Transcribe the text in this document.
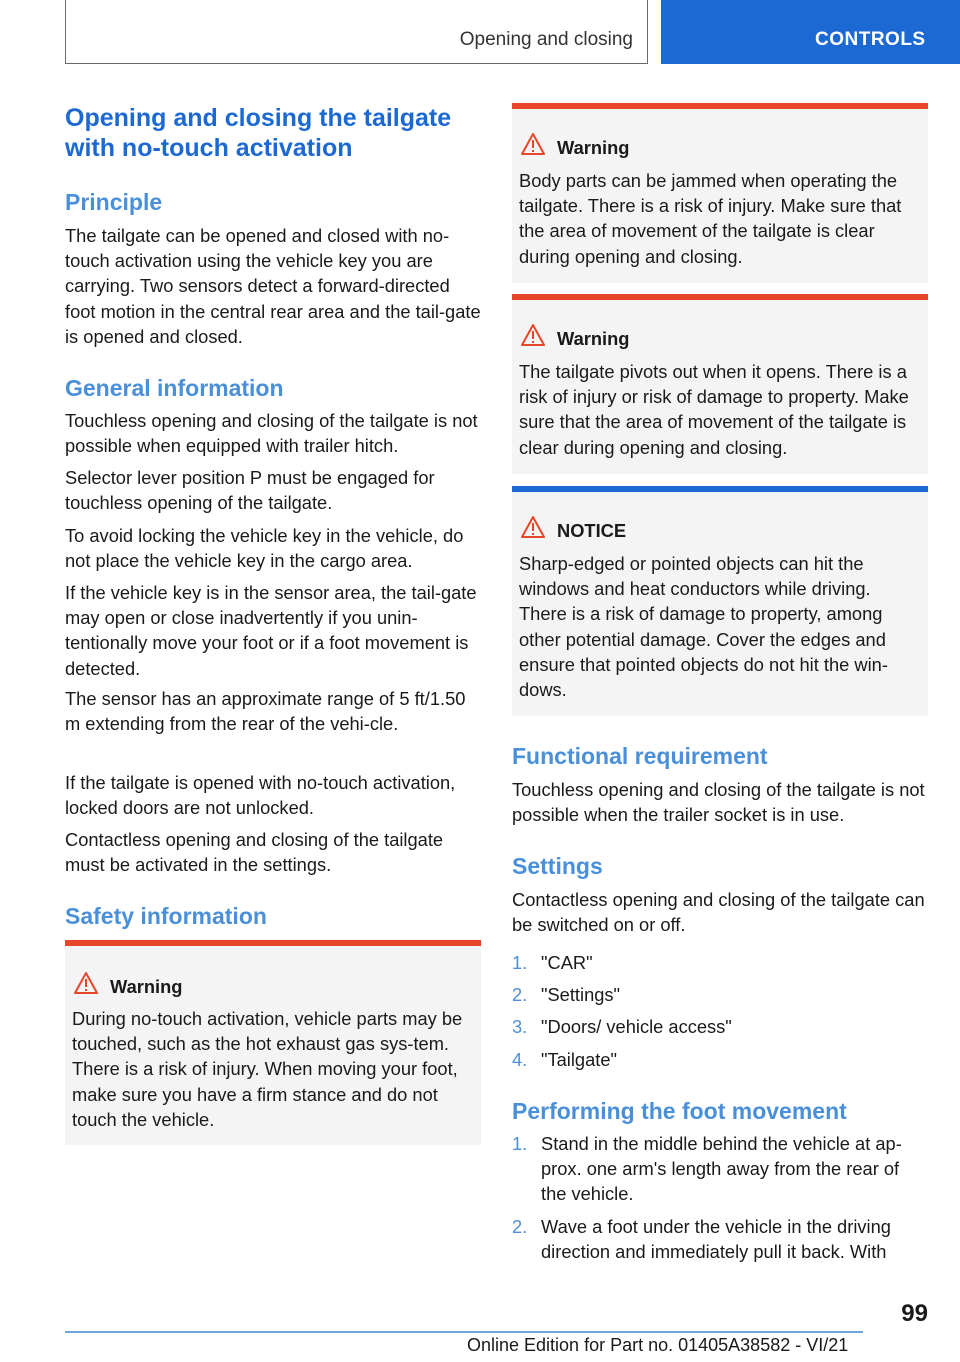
Opening and closing	CONTROLS
Opening and closing the tailgate with no-touch activation
Principle

The tailgate can be opened and closed with no-touch activation using the vehicle key you are carrying. Two sensors detect a forward-directed foot motion in the central rear area and the tail-gate is opened and closed.

General information

Touchless opening and closing of the tailgate is not possible when equipped with trailer hitch.

Selector lever position P must be engaged for touchless opening of the tailgate.

To avoid locking the vehicle key in the vehicle, do not place the vehicle key in the cargo area.

If the vehicle key is in the sensor area, the tail-gate may open or close inadvertently if you unin-tentionally move your foot or if a foot movement is detected.

The sensor has an approximate range of 5 ft/1.50 m extending from the rear of the vehi-cle.

If the tailgate is opened with no-touch activation, locked doors are not unlocked.

Contactless opening and closing of the tailgate must be activated in the settings.

Safety information
Warning
During no-touch activation, vehicle parts may be touched, such as the hot exhaust gas sys-tem. There is a risk of injury. When moving your foot, make sure you have a firm stance and do not touch the vehicle.
Warning
Body parts can be jammed when operating the tailgate. There is a risk of injury. Make sure that the area of movement of the tailgate is clear during opening and closing.
Warning
The tailgate pivots out when it opens. There is a risk of injury or risk of damage to property. Make sure that the area of movement of the tailgate is clear during opening and closing.
NOTICE
Sharp-edged or pointed objects can hit the windows and heat conductors while driving. There is a risk of damage to property, among other potential damage. Cover the edges and ensure that pointed objects do not hit the win-dows.
Functional requirement

Touchless opening and closing of the tailgate is not possible when the trailer socket is in use.

Settings

Contactless opening and closing of the tailgate can be switched on or off.

1. "CAR"
2. "Settings"
3. "Doors/ vehicle access"
4. "Tailgate"
Performing the foot movement
1. Stand in the middle behind the vehicle at ap-prox. one arm's length away from the rear of the vehicle.
2. Wave a foot under the vehicle in the driving direction and immediately pull it back. With
99
Online Edition for Part no. 01405A38582 - VI/21
